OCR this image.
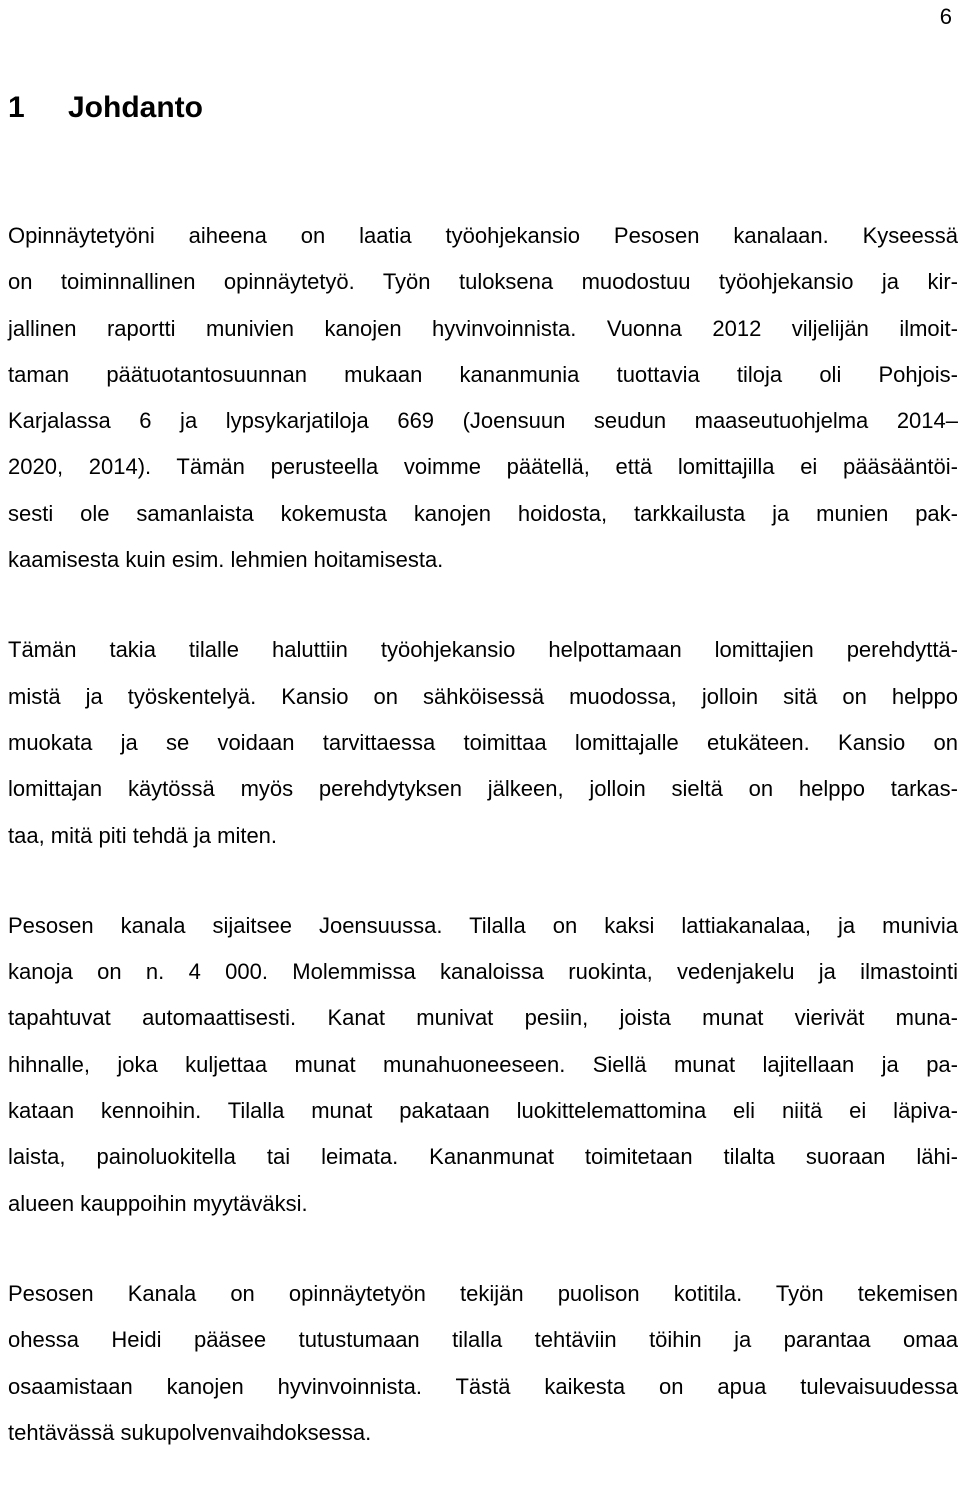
6
1 Johdanto

Opinnäytetyöni aiheena on laatia työohjekansio Pesosen kanalaan. Kyseessä
on toiminnallinen opinnäytetyö. Työn tuloksena muodostuu työohjekansio ja kir-
jallinen raportti munivien kanojen hyvinvoinnista. Vuonna 2012 viljelijän ilmoit-
taman päätuotantosuunnan mukaan kananmunia tuottavia tiloja oli Pohjois-
Karjalassa 6 ja lypsykarjatiloja 669 (Joensuun seudun maaseutuohjelma 2014–
2020, 2014). Tämän perusteella voimme päätellä, että lomittajilla ei pääsääntöi-
sesti ole samanlaista kokemusta kanojen hoidosta, tarkkailusta ja munien pak-
kaamisesta kuin esim. lehmien hoitamisesta.

Tämän takia tilalle haluttiin työohjekansio helpottamaan lomittajien perehdyttä-
mistä ja työskentelyä. Kansio on sähköisessä muodossa, jolloin sitä on helppo
muokata ja se voidaan tarvittaessa toimittaa lomittajalle etukäteen. Kansio on
lomittajan käytössä myös perehdytyksen jälkeen, jolloin sieltä on helppo tarkas-
taa, mitä piti tehdä ja miten.

Pesosen kanala sijaitsee Joensuussa. Tilalla on kaksi lattiakanalaa, ja munivia
kanoja on n. 4 000. Molemmissa kanaloissa ruokinta, vedenjakelu ja ilmastointi
tapahtuvat automaattisesti. Kanat munivat pesiin, joista munat vierivät muna-
hihnalle, joka kuljettaa munat munahuoneeseen. Siellä munat lajitellaan ja pa-
kataan kennoihin. Tilalla munat pakataan luokittelemattomina eli niitä ei läpiva-
laista, painoluokitella tai leimata. Kananmunat toimitetaan tilalta suoraan lähi-
alueen kauppoihin myytäväksi.

Pesosen Kanala on opinnäytetyön tekijän puolison kotitila. Työn tekemisen
ohessa Heidi pääsee tutustumaan tilalla tehtäviin töihin ja parantaa omaa
osaamistaan kanojen hyvinvoinnista. Tästä kaikesta on apua tulevaisuudessa
tehtävässä sukupolvenvaihdoksessa.
